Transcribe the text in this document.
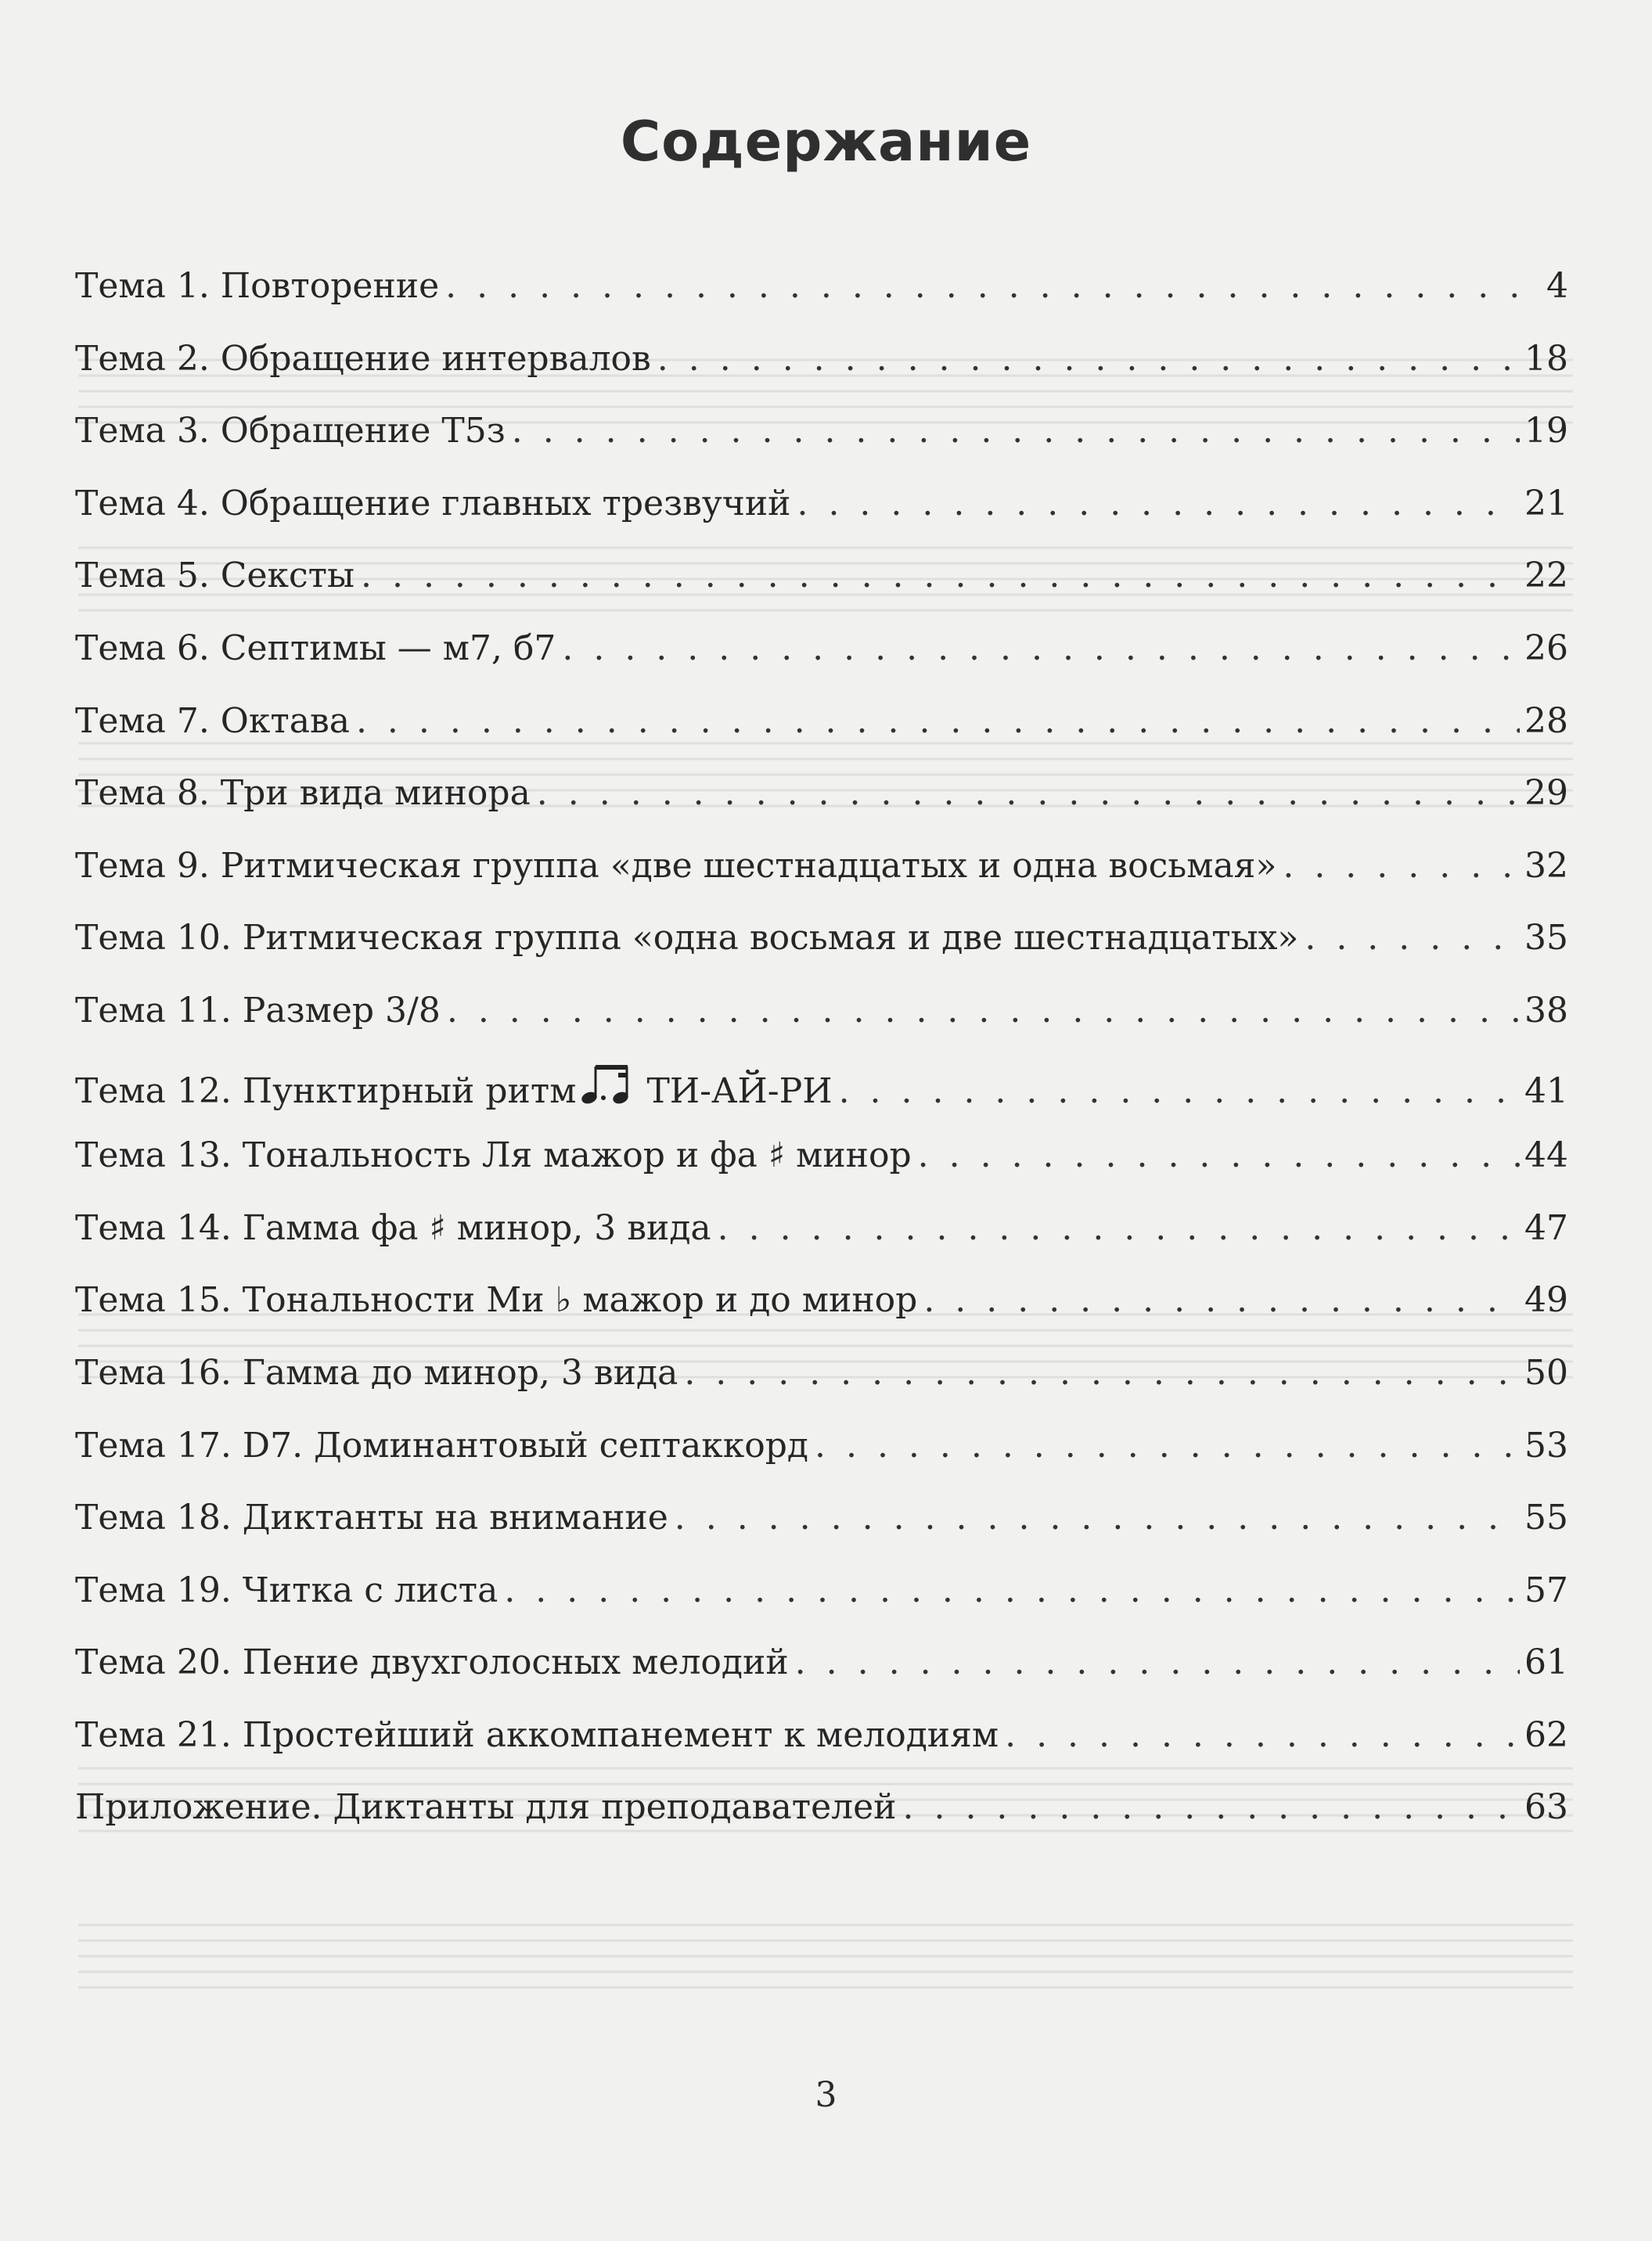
Содержание
Тема 1. Повторение . . .	4
Тема 2. Обращение интервалов . . .	18
Тема 3. Обращение Т5з . . .	19
Тема 4. Обращение главных трезвучий . . .	21
Тема 5. Сексты . . .	22
Тема 6. Септимы — м7, б7 . . .	26
Тема 7. Октава . . .	28
Тема 8. Три вида минора . . .	29
Тема 9. Ритмическая группа «две шестнадцатых и одна восьмая» . . .	32
Тема 10. Ритмическая группа «одна восьмая и две шестнадцатых» . . .	35
Тема 11. Размер 3/8 . . .	38
Тема 12. Пунктирный ритм ТИ-АЙ-РИ . . .	41
Тема 13. Тональность Ля мажор и фа ♯ минор . . .	44
Тема 14. Гамма фа ♯ минор, 3 вида . . .	47
Тема 15. Тональности Ми ♭ мажор и до минор . . .	49
Тема 16. Гамма до минор, 3 вида . . .	50
Тема 17. D7. Доминантовый септаккорд . . .	53
Тема 18. Диктанты на внимание . . .	55
Тема 19. Читка с листа . . .	57
Тема 20. Пение двухголосных мелодий . . .	61
Тема 21. Простейший аккомпанемент к мелодиям . . .	62
Приложение. Диктанты для преподавателей . . .	63
3
